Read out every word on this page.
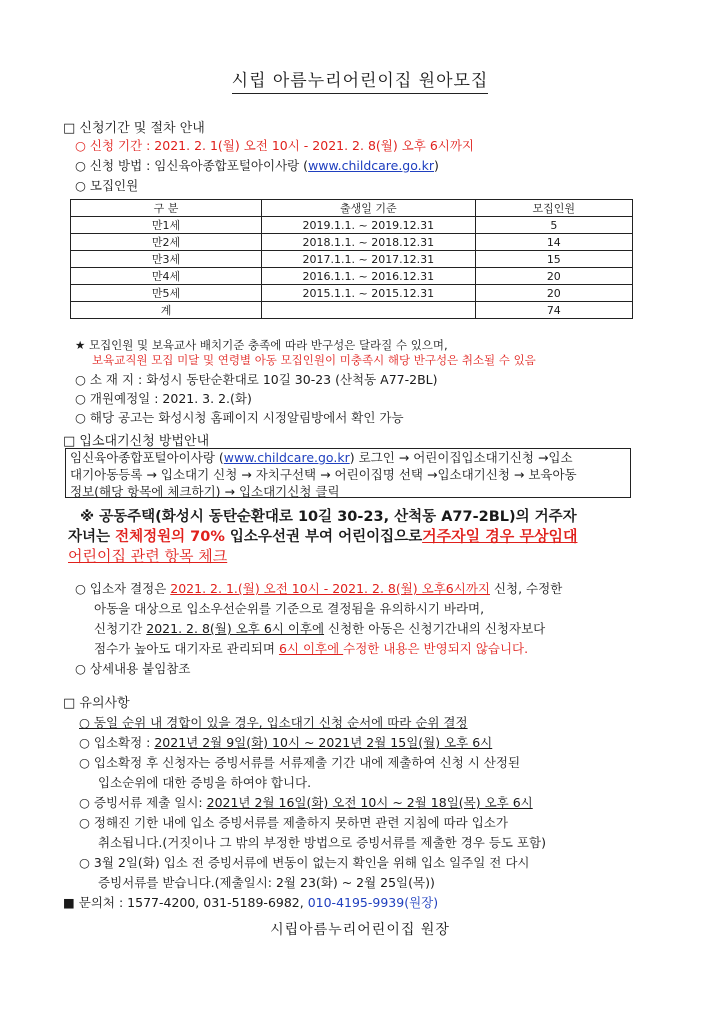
시립 아름누리어린이집 원아모집
□ 신청기간 및 절차 안내
○ 신청 기간 : 2021. 2. 1(월) 오전 10시 - 2021. 2. 8(월) 오후 6시까지
○ 신청 방법 : 임신육아종합포털아이사랑 (www.childcare.go.kr)
○ 모집인원
구 분	출생일 기준	모집인원
만1세	2019.1.1. ~ 2019.12.31	5
만2세	2018.1.1. ~ 2018.12.31	14
만3세	2017.1.1. ~ 2017.12.31	15
만4세	2016.1.1. ~ 2016.12.31	20
만5세	2015.1.1. ~ 2015.12.31	20
계		74
★ 모집인원 및 보육교사 배치기준 충족에 따라 반구성은 달라질 수 있으며,
보육교직원 모집 미달 및 연령별 아동 모집인원이 미충족시 해당 반구성은 취소될 수 있음
○ 소 재 지 : 화성시 동탄순환대로 10길 30-23 (산척동 A77-2BL)
○ 개원예정일 : 2021. 3. 2.(화)
○ 해당 공고는 화성시청 홈페이지 시정알림방에서 확인 가능
□ 입소대기신청 방법안내
임신육아종합포털아이사랑 (www.childcare.go.kr) 로그인 → 어린이집입소대기신청 →입소
대기아동등록 → 입소대기 신청 → 자치구선택 → 어린이집명 선택 →입소대기신청 → 보육아동
정보(해당 항목에 체크하기) → 입소대기신청 클릭
※ 공동주택(화성시 동탄순환대로 10길 30-23, 산척동 A77-2BL)의 거주자
자녀는 전체정원의 70% 입소우선권 부여 어린이집으로거주자일 경우 무상임대
어린이집 관련 항목 체크
○ 입소자 결정은 2021. 2. 1.(월) 오전 10시 - 2021. 2. 8(월) 오후6시까지 신청, 수정한
아동을 대상으로 입소우선순위를 기준으로 결정됨을 유의하시기 바라며,
신청기간 2021. 2. 8(월) 오후 6시 이후에 신청한 아동은 신청기간내의 신청자보다
점수가 높아도 대기자로 관리되며 6시 이후에 수정한 내용은 반영되지 않습니다.
○ 상세내용 붙임참조
□ 유의사항
○ 동일 순위 내 경합이 있을 경우, 입소대기 신청 순서에 따라 순위 결정
○ 입소확정 : 2021년 2월 9일(화) 10시 ~ 2021년 2월 15일(월) 오후 6시
○ 입소확정 후 신청자는 증빙서류를 서류제출 기간 내에 제출하여 신청 시 산정된
입소순위에 대한 증빙을 하여야 합니다.
○ 증빙서류 제출 일시: 2021년 2월 16일(화) 오전 10시 ~ 2월 18일(목) 오후 6시
○ 정해진 기한 내에 입소 증빙서류를 제출하지 못하면 관련 지침에 따라 입소가
취소됩니다.(거짓이나 그 밖의 부정한 방법으로 증빙서류를 제출한 경우 등도 포함)
○ 3월 2일(화) 입소 전 증빙서류에 변동이 없는지 확인을 위해 입소 일주일 전 다시
증빙서류를 받습니다.(제출일시: 2월 23(화) ~ 2월 25일(목))
■ 문의처 : 1577-4200, 031-5189-6982, 010-4195-9939(원장)
시립아름누리어린이집 원장
